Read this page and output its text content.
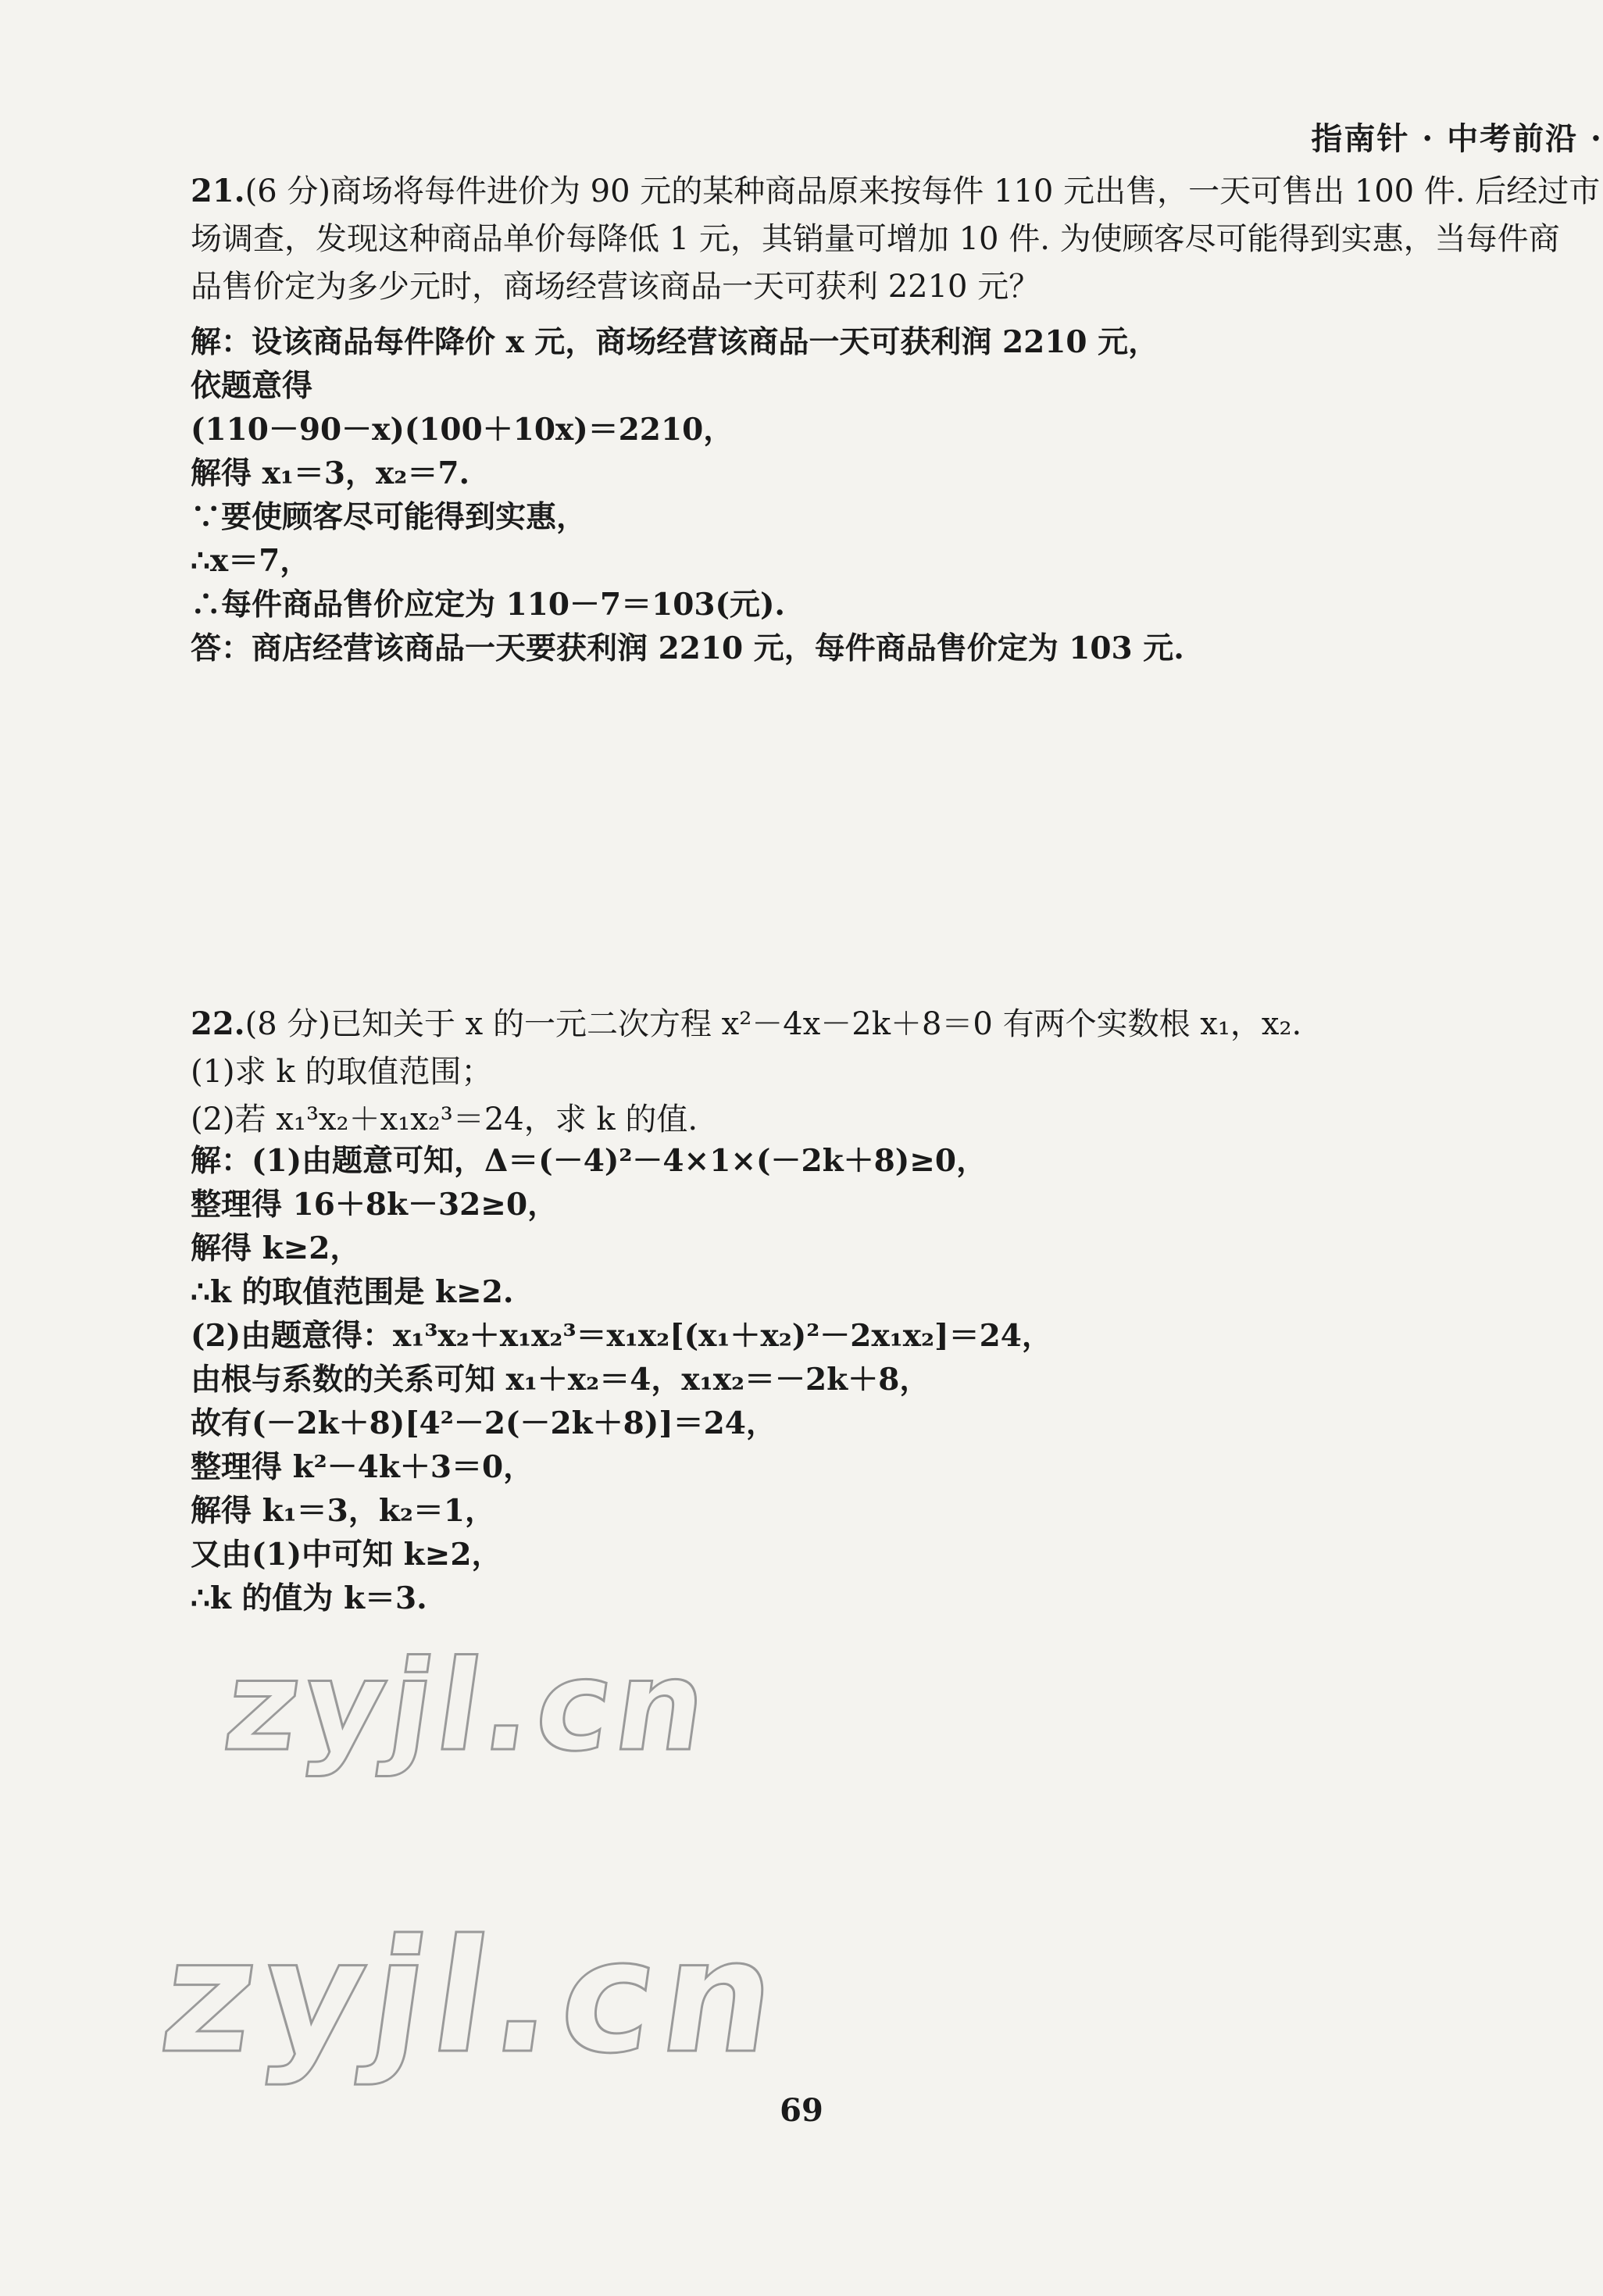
指南针 · 中考前沿 ·
21.(6 分)商场将每件进价为 90 元的某种商品原来按每件 110 元出售，一天可售出 100 件. 后经过市
场调查，发现这种商品单价每降低 1 元，其销量可增加 10 件. 为使顾客尽可能得到实惠，当每件商
品售价定为多少元时，商场经营该商品一天可获利 2210 元？
解：设该商品每件降价 x 元，商场经营该商品一天可获利润 2210 元，
依题意得
(110－90－x)(100＋10x)＝2210，
解得 x₁＝3，x₂＝7.
∵要使顾客尽可能得到实惠，
∴x＝7，
∴每件商品售价应定为 110－7＝103(元).
答：商店经营该商品一天要获利润 2210 元，每件商品售价定为 103 元.
22.(8 分)已知关于 x 的一元二次方程 x²－4x－2k＋8＝0 有两个实数根 x₁，x₂.
(1)求 k 的取值范围；
(2)若 x₁³x₂＋x₁x₂³＝24，求 k 的值.
解：(1)由题意可知，Δ＝(－4)²－4×1×(－2k＋8)≥0，
整理得 16＋8k－32≥0，
解得 k≥2，
∴k 的取值范围是 k≥2.
(2)由题意得：x₁³x₂＋x₁x₂³＝x₁x₂[(x₁＋x₂)²－2x₁x₂]＝24，
由根与系数的关系可知 x₁＋x₂＝4，x₁x₂＝－2k＋8，
故有(－2k＋8)[4²－2(－2k＋8)]＝24，
整理得 k²－4k＋3＝0，
解得 k₁＝3，k₂＝1，
又由(1)中可知 k≥2，
∴k 的值为 k＝3.
zyjl.cn
zyjl.cn
69
